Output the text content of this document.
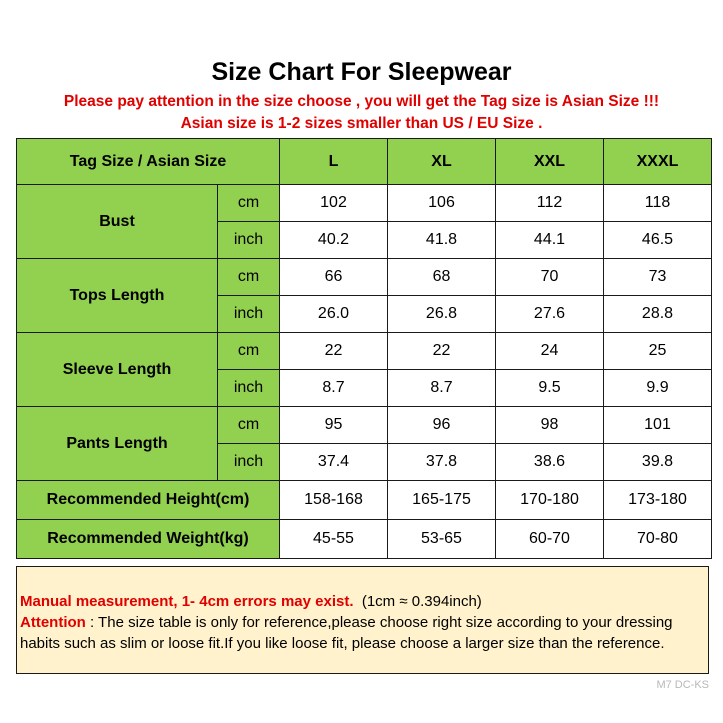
Size Chart For Sleepwear
Please pay attention in the size choose , you will get the Tag size is Asian Size !!!
Asian size is 1-2 sizes smaller than US / EU Size .
Tag Size / Asian Size		L	XL	XXL	XXXL
Bust	cm	102	106	112	118
	inch	40.2	41.8	44.1	46.5
Tops Length	cm	66	68	70	73
	inch	26.0	26.8	27.6	28.8
Sleeve Length	cm	22	22	24	25
	inch	8.7	8.7	9.5	9.9
Pants Length	cm	95	96	98	101
	inch	37.4	37.8	38.6	39.8
Recommended Height(cm)		158-168	165-175	170-180	173-180
Recommended Weight(kg)		45-55	53-65	60-70	70-80
Manual measurement, 1- 4cm errors may exist. (1cm ≈ 0.394inch)
Attention : The size table is only for reference,please choose right size according to your dressing
habits such as slim or loose fit.If you like loose fit, please choose a larger size than the reference.
M7 DC-KS
